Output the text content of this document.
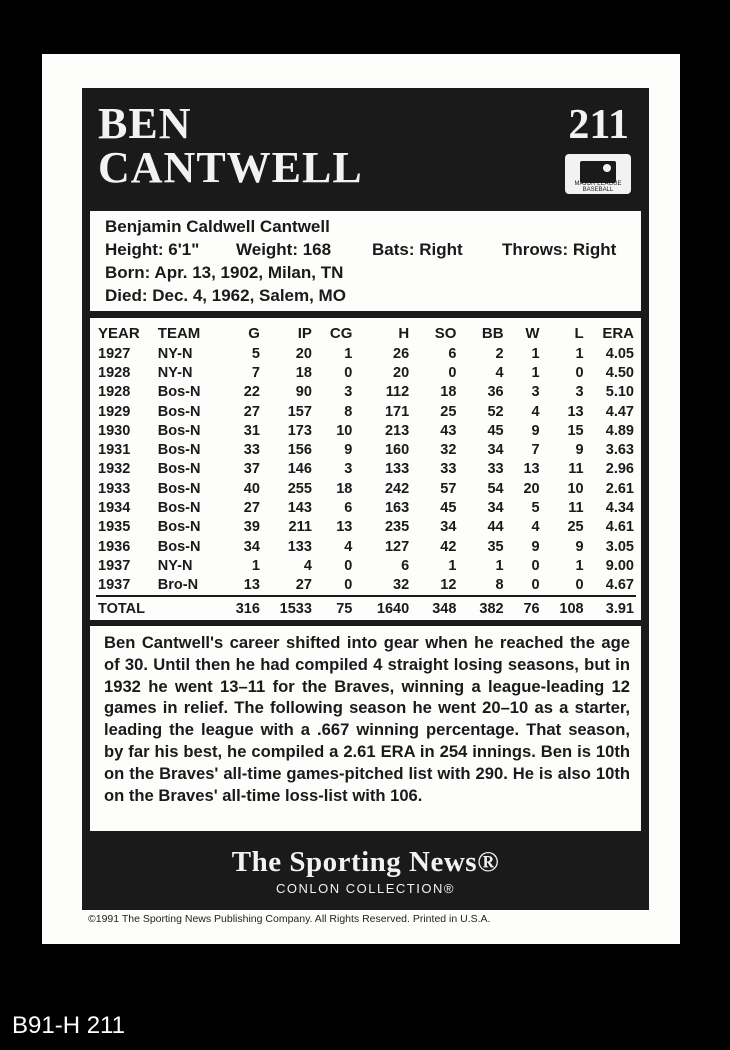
BEN
CANTWELL
211
MAJOR LEAGUE BASEBALL
Benjamin Caldwell Cantwell
Height: 6'1" Weight: 168 Bats: Right Throws: Right
Born: Apr. 13, 1902, Milan, TN
Died: Dec. 4, 1962, Salem, MO
YEAR	TEAM	G	IP	CG	H	SO	BB	W	L	ERA
1927	NY-N	5	20	1	26	6	2	1	1	4.05
1928	NY-N	7	18	0	20	0	4	1	0	4.50
1928	Bos-N	22	90	3	112	18	36	3	3	5.10
1929	Bos-N	27	157	8	171	25	52	4	13	4.47
1930	Bos-N	31	173	10	213	43	45	9	15	4.89
1931	Bos-N	33	156	9	160	32	34	7	9	3.63
1932	Bos-N	37	146	3	133	33	33	13	11	2.96
1933	Bos-N	40	255	18	242	57	54	20	10	2.61
1934	Bos-N	27	143	6	163	45	34	5	11	4.34
1935	Bos-N	39	211	13	235	34	44	4	25	4.61
1936	Bos-N	34	133	4	127	42	35	9	9	3.05
1937	NY-N	1	4	0	6	1	1	0	1	9.00
1937	Bro-N	13	27	0	32	12	8	0	0	4.67
TOTAL		316	1533	75	1640	348	382	76	108	3.91

Ben Cantwell's career shifted into gear when he reached the age of 30. Until then he had compiled 4 straight losing seasons, but in 1932 he went 13–11 for the Braves, winning a league-leading 12 games in relief. The following season he went 20–10 as a starter, leading the league with a .667 winning percentage. That season, by far his best, he compiled a 2.61 ERA in 254 innings. Ben is 10th on the Braves' all-time games-pitched list with 290. He is also 10th on the Braves' all-time loss-list with 106.

The Sporting News®
CONLON COLLECTION®
©1991 The Sporting News Publishing Company. All Rights Reserved. Printed in U.S.A.
B91-H 211
